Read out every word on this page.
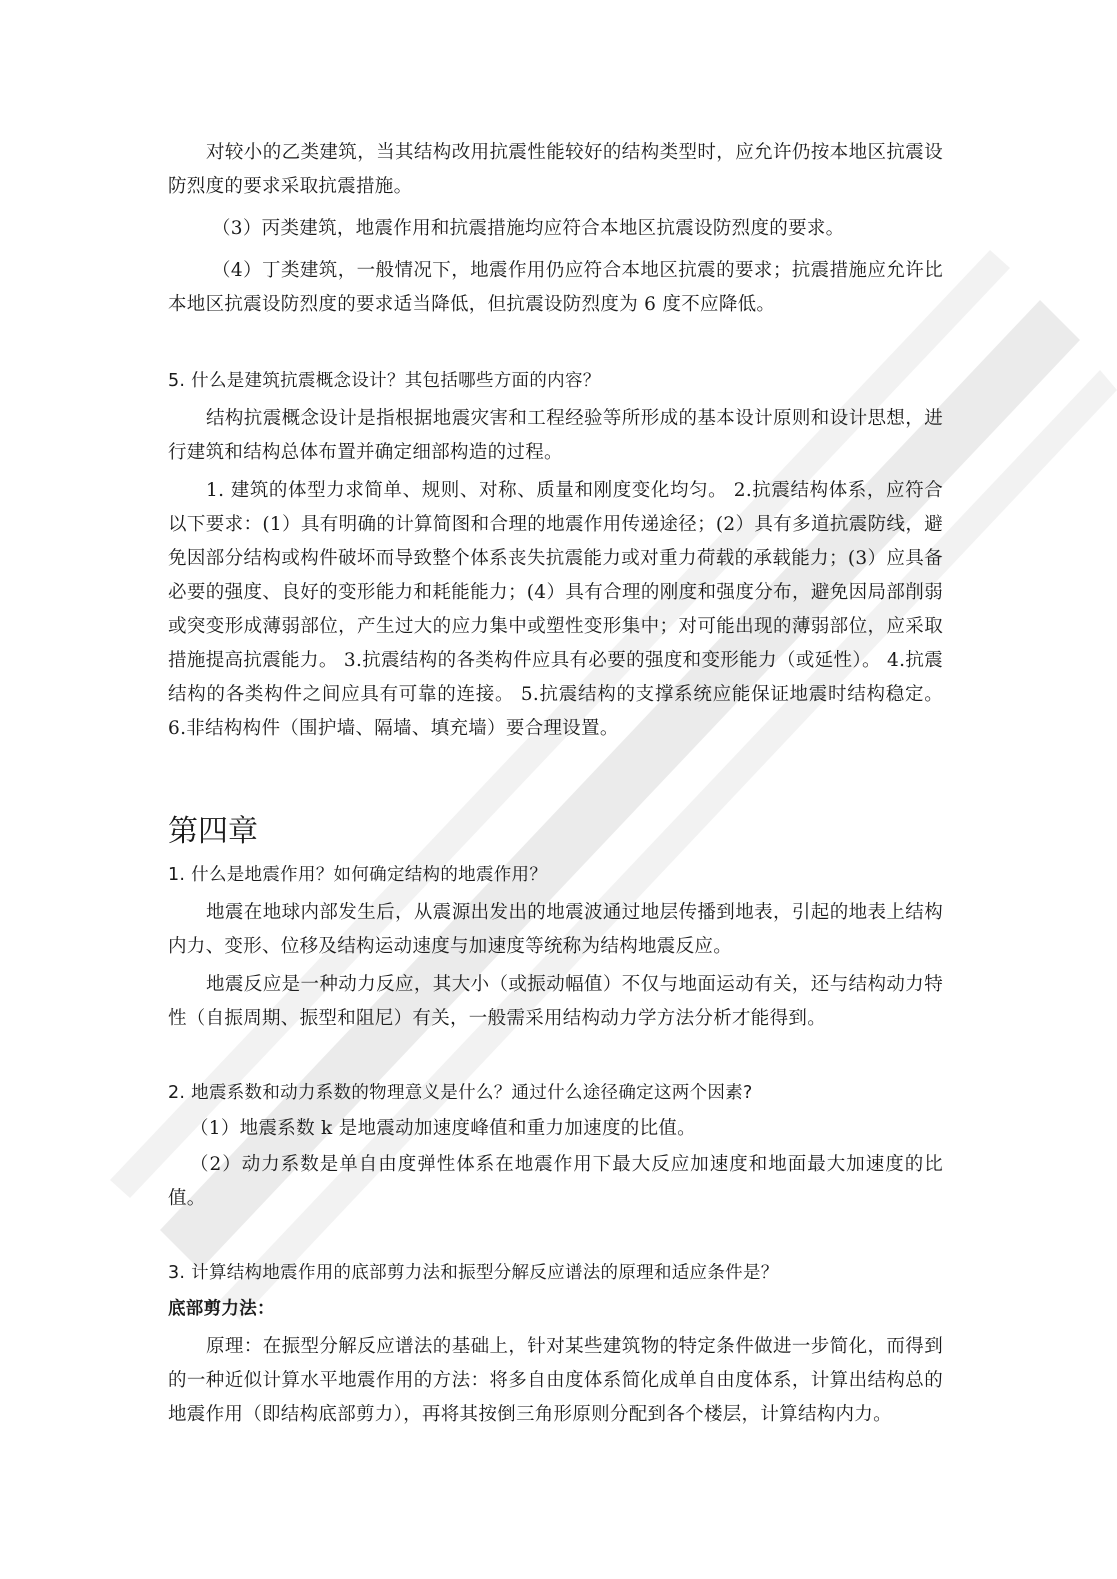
对较小的乙类建筑，当其结构改用抗震性能较好的结构类型时，应允许仍按本地区抗震设防烈度的要求采取抗震措施。

（3）丙类建筑，地震作用和抗震措施均应符合本地区抗震设防烈度的要求。

（4）丁类建筑，一般情况下，地震作用仍应符合本地区抗震的要求；抗震措施应允许比本地区抗震设防烈度的要求适当降低，但抗震设防烈度为 6 度不应降低。

5. 什么是建筑抗震概念设计？其包括哪些方面的内容？

结构抗震概念设计是指根据地震灾害和工程经验等所形成的基本设计原则和设计思想，进行建筑和结构总体布置并确定细部构造的过程。

1. 建筑的体型力求简单、规则、对称、质量和刚度变化均匀。 2.抗震结构体系，应符合以下要求：(1）具有明确的计算简图和合理的地震作用传递途径；(2）具有多道抗震防线，避免因部分结构或构件破坏而导致整个体系丧失抗震能力或对重力荷载的承载能力；(3）应具备必要的强度、良好的变形能力和耗能能力；(4）具有合理的刚度和强度分布，避免因局部削弱或突变形成薄弱部位，产生过大的应力集中或塑性变形集中；对可能出现的薄弱部位，应采取措施提高抗震能力。 3.抗震结构的各类构件应具有必要的强度和变形能力（或延性）。 4.抗震结构的各类构件之间应具有可靠的连接。 5.抗震结构的支撑系统应能保证地震时结构稳定。 6.非结构构件（围护墙、隔墙、填充墙）要合理设置。

第四章

1. 什么是地震作用？如何确定结构的地震作用？

地震在地球内部发生后，从震源出发出的地震波通过地层传播到地表，引起的地表上结构内力、变形、位移及结构运动速度与加速度等统称为结构地震反应。

地震反应是一种动力反应，其大小（或振动幅值）不仅与地面运动有关，还与结构动力特性（自振周期、振型和阻尼）有关，一般需采用结构动力学方法分析才能得到。

2. 地震系数和动力系数的物理意义是什么？通过什么途径确定这两个因素?

（1）地震系数 k 是地震动加速度峰值和重力加速度的比值。

（2）动力系数是单自由度弹性体系在地震作用下最大反应加速度和地面最大加速度的比值。

3. 计算结构地震作用的底部剪力法和振型分解反应谱法的原理和适应条件是？

底部剪力法：

原理：在振型分解反应谱法的基础上，针对某些建筑物的特定条件做进一步简化，而得到的一种近似计算水平地震作用的方法：将多自由度体系简化成单自由度体系，计算出结构总的地震作用（即结构底部剪力），再将其按倒三角形原则分配到各个楼层，计算结构内力。
